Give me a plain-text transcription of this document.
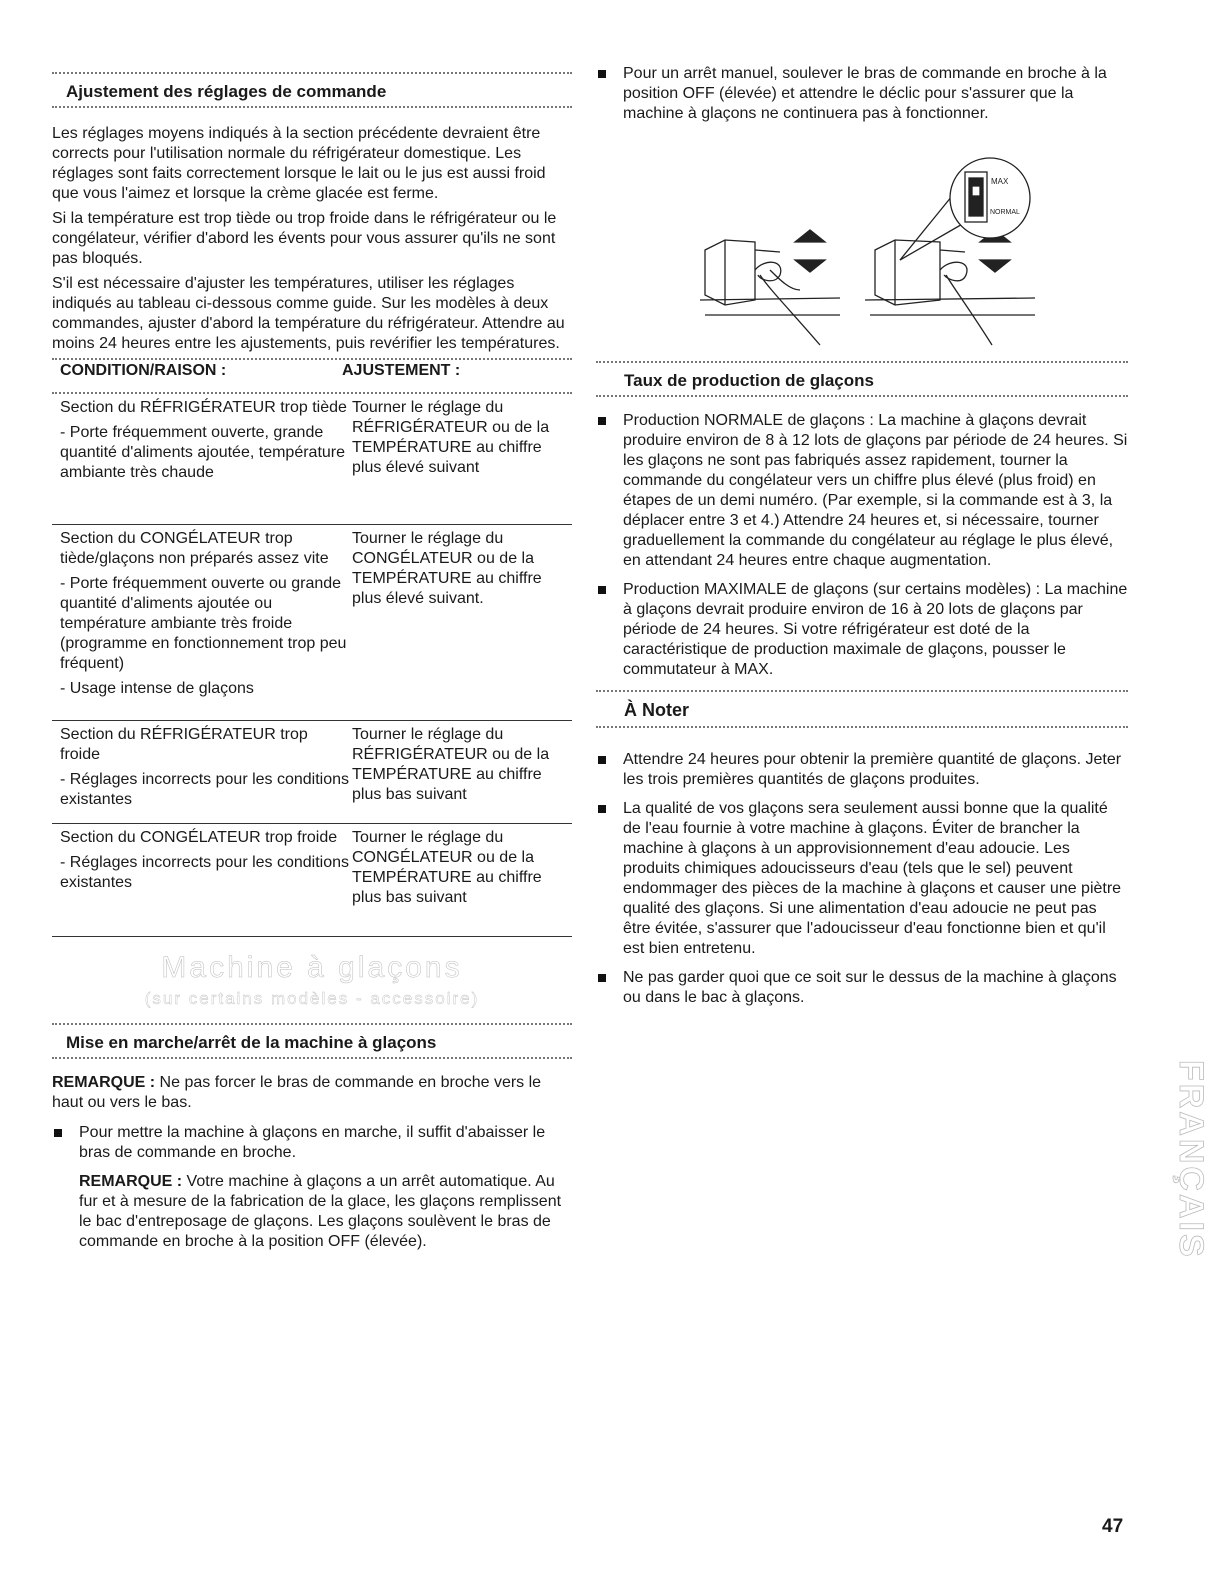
Ajustement des réglages de commande

Les réglages moyens indiqués à la section précédente devraient être corrects pour l'utilisation normale du réfrigérateur domestique. Les réglages sont faits correctement lorsque le lait ou le jus est aussi froid que vous l'aimez et lorsque la crème glacée est ferme.

Si la température est trop tiède ou trop froide dans le réfrigérateur ou le congélateur, vérifier d'abord les évents pour vous assurer qu'ils ne sont pas bloqués.

S'il est nécessaire d'ajuster les températures, utiliser les réglages indiqués au tableau ci-dessous comme guide. Sur les modèles à deux commandes, ajuster d'abord la température du réfrigérateur. Attendre au moins 24 heures entre les ajustements, puis revérifier les températures.

CONDITION/RAISON :	AJUSTEMENT :

Section du RÉFRIGÉRATEUR trop tiède

- Porte fréquemment ouverte, grande quantité d'aliments ajoutée, température ambiante très chaude

Tourner le réglage du RÉFRIGÉRATEUR ou de la TEMPÉRATURE au chiffre plus élevé suivant

Section du CONGÉLATEUR trop tiède/glaçons non préparés assez vite

- Porte fréquemment ouverte ou grande quantité d'aliments ajoutée ou température ambiante très froide (programme en fonctionnement trop peu fréquent)

- Usage intense de glaçons

Tourner le réglage du CONGÉLATEUR ou de la TEMPÉRATURE au chiffre plus élevé suivant.

Section du RÉFRIGÉRATEUR trop froide

- Réglages incorrects pour les conditions existantes

Tourner le réglage du RÉFRIGÉRATEUR ou de la TEMPÉRATURE au chiffre plus bas suivant

Section du CONGÉLATEUR trop froide

- Réglages incorrects pour les conditions existantes

Tourner le réglage du CONGÉLATEUR ou de la TEMPÉRATURE au chiffre plus bas suivant

Machine à glaçons
(sur certains modèles - accessoire)
Mise en marche/arrêt de la machine à glaçons

REMARQUE : Ne pas forcer le bras de commande en broche vers le haut ou vers le bas.

Pour mettre la machine à glaçons en marche, il suffit d'abaisser le bras de commande en broche.

REMARQUE : Votre machine à glaçons a un arrêt automatique. Au fur et à mesure de la fabrication de la glace, les glaçons remplissent le bac d'entreposage de glaçons. Les glaçons soulèvent le bras de commande en broche à la position OFF (élevée).

Pour un arrêt manuel, soulever le bras de commande en broche à la position OFF (élevée) et attendre le déclic pour s'assurer que la machine à glaçons ne continuera pas à fonctionner.
Taux de production de glaçons
Production NORMALE de glaçons : La machine à glaçons devrait produire environ de 8 à 12 lots de glaçons par période de 24 heures. Si les glaçons ne sont pas fabriqués assez rapidement, tourner la commande du congélateur vers un chiffre plus élevé (plus froid) en étapes de un demi numéro. (Par exemple, si la commande est à 3, la déplacer entre 3 et 4.) Attendre 24 heures et, si nécessaire, tourner graduellement la commande du congélateur au réglage le plus élevé, en attendant 24 heures entre chaque augmentation.
Production MAXIMALE de glaçons (sur certains modèles) : La machine à glaçons devrait produire environ de 16 à 20 lots de glaçons par période de 24 heures. Si votre réfrigérateur est doté de la caractéristique de production maximale de glaçons, pousser le commutateur à MAX.
À Noter
Attendre 24 heures pour obtenir la première quantité de glaçons. Jeter les trois premières quantités de glaçons produites.
La qualité de vos glaçons sera seulement aussi bonne que la qualité de l'eau fournie à votre machine à glaçons. Éviter de brancher la machine à glaçons à un approvisionnement d'eau adoucie. Les produits chimiques adoucisseurs d'eau (tels que le sel) peuvent endommager des pièces de la machine à glaçons et causer une piètre qualité des glaçons. Si une alimentation d'eau adoucie ne peut pas être évitée, s'assurer que l'adoucisseur d'eau fonctionne bien et qu'il est bien entretenu.
Ne pas garder quoi que ce soit sur le dessus de la machine à glaçons ou dans le bac à glaçons.
MAX
NORMAL
FRANÇAIS
47
